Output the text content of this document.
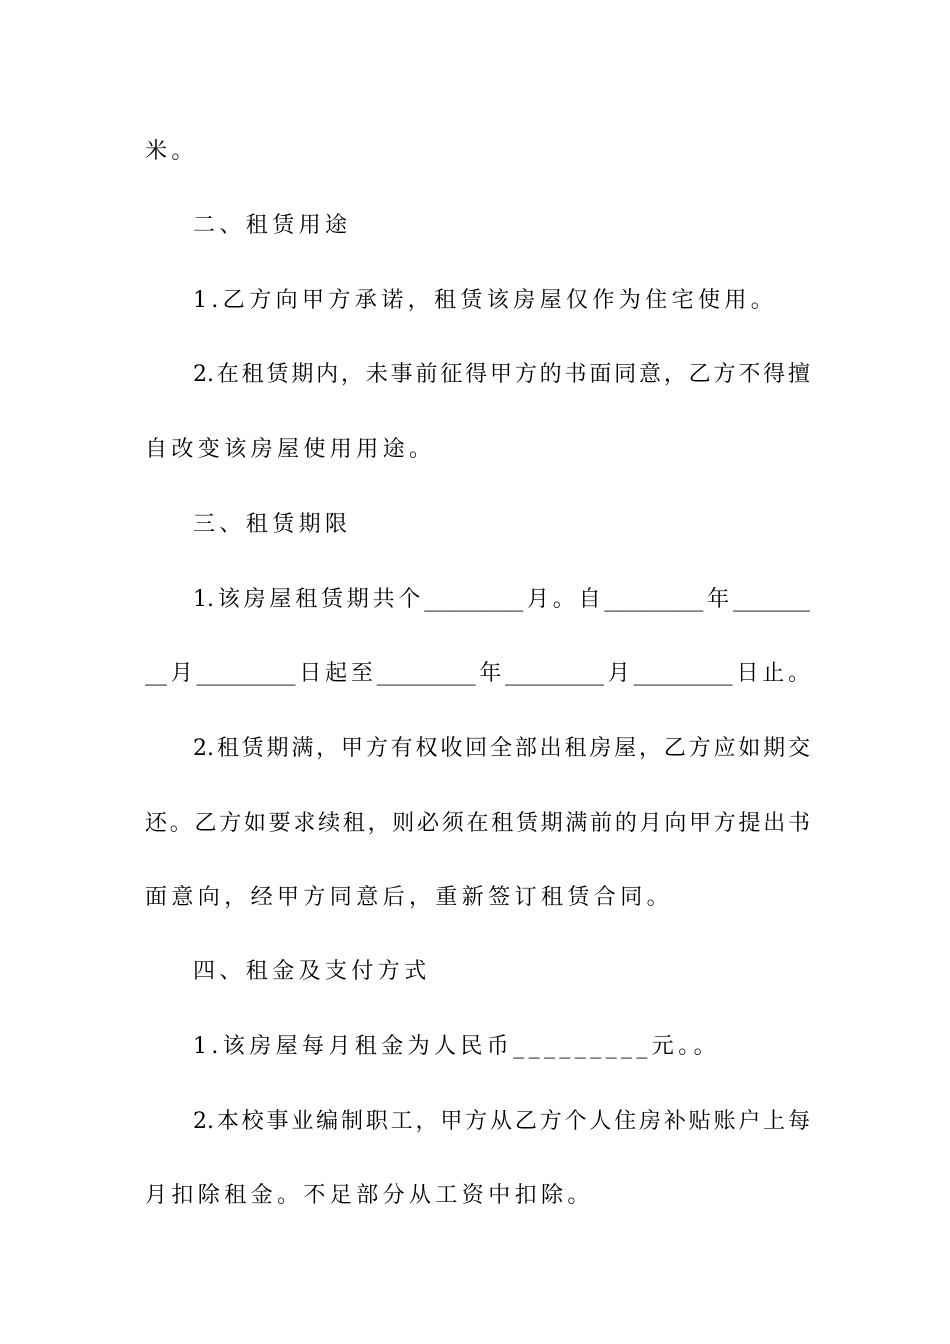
米。
二、租赁用途
1.乙方向甲方承诺，租赁该房屋仅作为住宅使用。
2.在租赁期内，未事前征得甲方的书面同意，乙方不得擅
自改变该房屋使用用途。
三、租赁期限
1.该房屋租赁期共个_________月。自_________年_______
__月_________日起至_________年_________月_________日止。
2.租赁期满，甲方有权收回全部出租房屋，乙方应如期交
还。乙方如要求续租，则必须在租赁期满前的月向甲方提出书
面意向，经甲方同意后，重新签订租赁合同。
四、租金及支付方式
1.该房屋每月租金为人民币_________元。。
2.本校事业编制职工，甲方从乙方个人住房补贴账户上每
月扣除租金。不足部分从工资中扣除。
